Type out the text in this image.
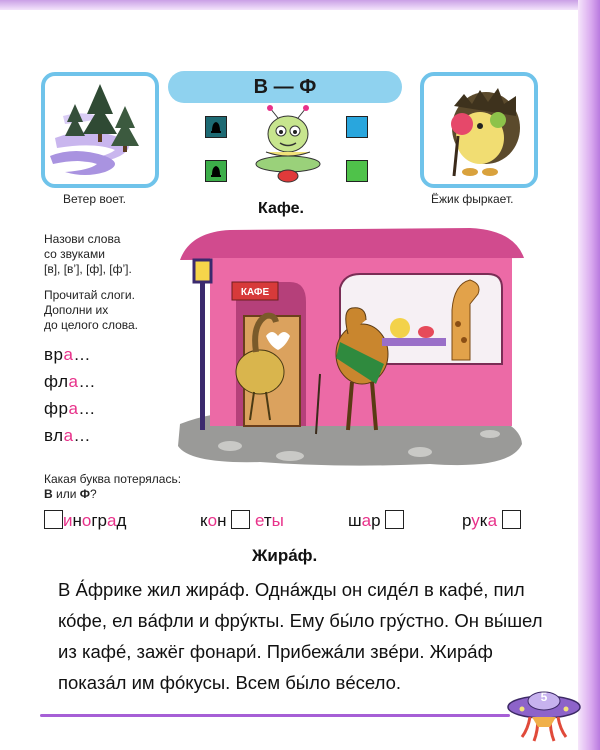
В — Ф
Ветер воет.	Ёжик фыркает.
Кафе.
Назови слова
со звуками
[в], [в’], [ф], [ф’].
Прочитай слоги.
Дополни их
до целого слова.
вра…
фла…
фра…
вла…
КАФЕ
Какая буква потерялась:
В или Ф?
иноград	кон еты	шар	рука
Жира́ф.
В А́фрике жил жира́ф. Однáжды он сидéл в кафé, пил кóфе, ел вáфли и фрýкты. Ему бы́ло грýстно. Он вы́шел из кафé, зажёг фонари́. Прибежáли звéри. Жирáф показáл им фóкусы. Всем бы́ло вéсело.
5
